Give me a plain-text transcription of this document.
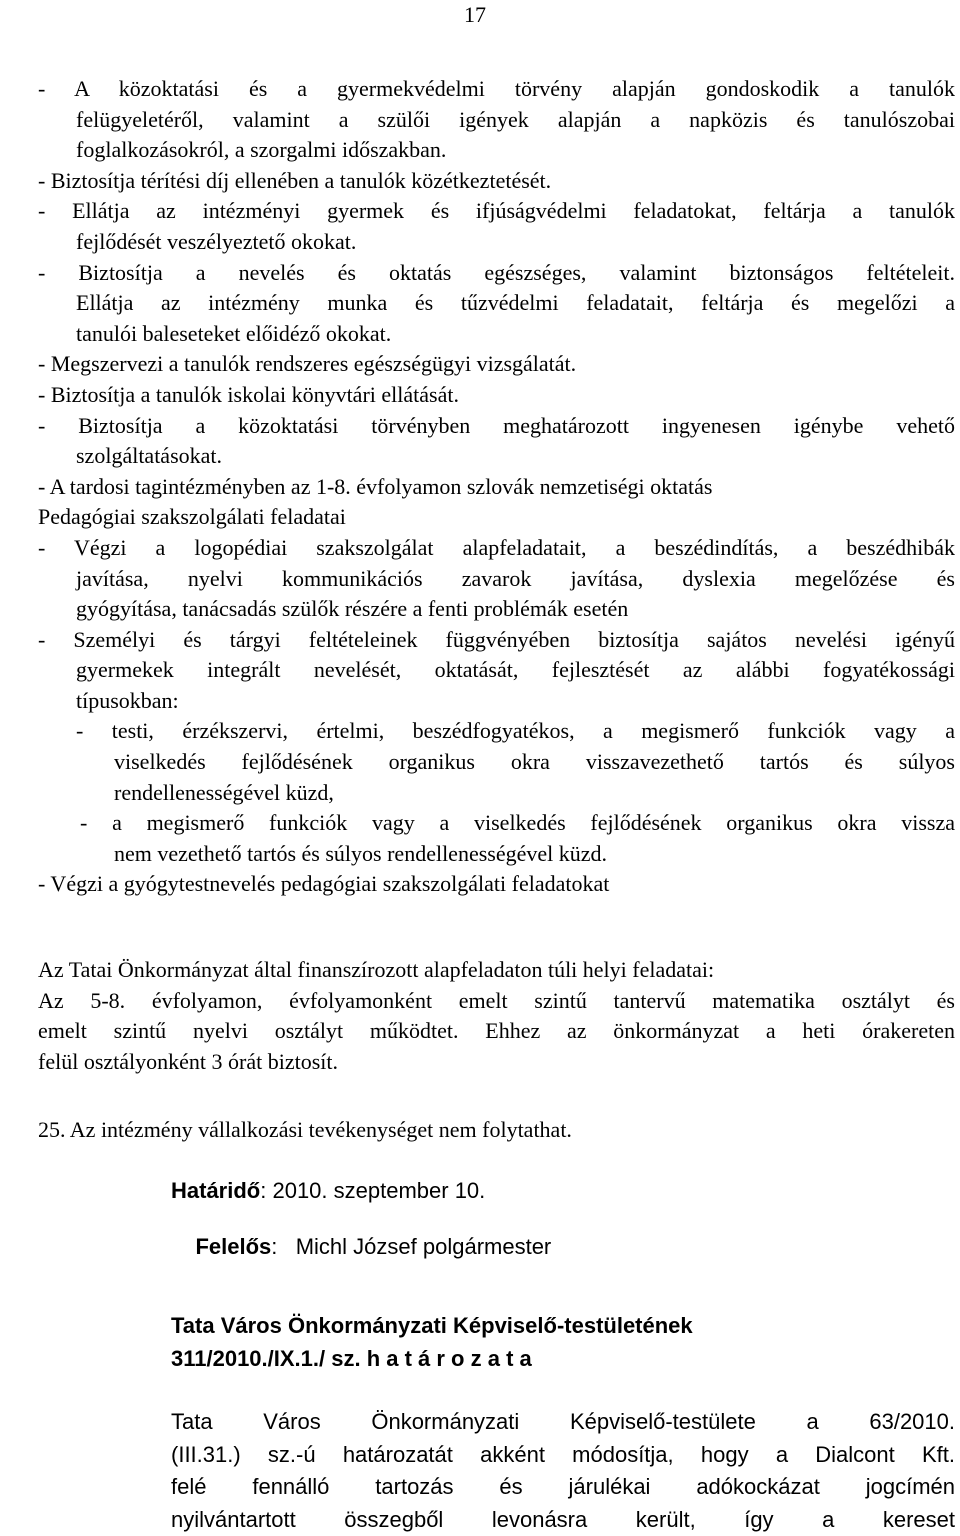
17
- A közoktatási és a gyermekvédelmi törvény alapján gondoskodik a tanulók
felügyeletéről, valamint a szülői igények alapján a napközis és tanulószobai
foglalkozásokról, a szorgalmi időszakban.
- Biztosítja térítési díj ellenében a tanulók közétkeztetését.
- Ellátja az intézményi gyermek és ifjúságvédelmi feladatokat, feltárja a tanulók
fejlődését veszélyeztető okokat.
- Biztosítja a nevelés és oktatás egészséges, valamint biztonságos feltételeit.
Ellátja az intézmény munka és tűzvédelmi feladatait, feltárja és megelőzi a
tanulói baleseteket előidéző okokat.
- Megszervezi a tanulók rendszeres egészségügyi vizsgálatát.
- Biztosítja a tanulók iskolai könyvtári ellátását.
- Biztosítja a közoktatási törvényben meghatározott ingyenesen igénybe vehető
szolgáltatásokat.
- A tardosi tagintézményben az 1-8. évfolyamon szlovák nemzetiségi oktatás
Pedagógiai szakszolgálati feladatai
- Végzi a logopédiai szakszolgálat alapfeladatait, a beszédindítás, a beszédhibák
javítása, nyelvi kommunikációs zavarok javítása, dyslexia megelőzése és
gyógyítása, tanácsadás szülők részére a fenti problémák esetén
- Személyi és tárgyi feltételeinek függvényében biztosítja sajátos nevelési igényű
gyermekek integrált nevelését, oktatását, fejlesztését az alábbi fogyatékossági
típusokban:
- testi, érzékszervi, értelmi, beszédfogyatékos, a megismerő funkciók vagy a
viselkedés fejlődésének organikus okra visszavezethető tartós és súlyos
rendellenességével küzd,
- a megismerő funkciók vagy a viselkedés fejlődésének organikus okra vissza
nem vezethető tartós és súlyos rendellenességével küzd.
- Végzi a gyógytestnevelés pedagógiai szakszolgálati feladatokat
Az Tatai Önkormányzat által finanszírozott alapfeladaton túli helyi feladatai:
Az 5-8. évfolyamon, évfolyamonként emelt szintű tantervű matematika osztályt és
emelt szintű nyelvi osztályt működtet. Ehhez az önkormányzat a heti órakereten
felül osztályonként 3 órát biztosít.
25. Az intézmény vállalkozási tevékenységet nem folytathat.
Határidő: 2010. szeptember 10.

Felelős:   Michl József polgármester

Tata Város Önkormányzati Képviselő-testületének
311/2010./IX.1./ sz. h a t á r o z a t a
Tata Város Önkormányzati Képviselő-testülete a 63/2010.
(III.31.) sz.-ú határozatát akként módosítja, hogy a Dialcont Kft.
felé fennálló tartozás és járulékai adókockázat jogcímén
nyilvántartott összegből levonásra került, így a kereset
